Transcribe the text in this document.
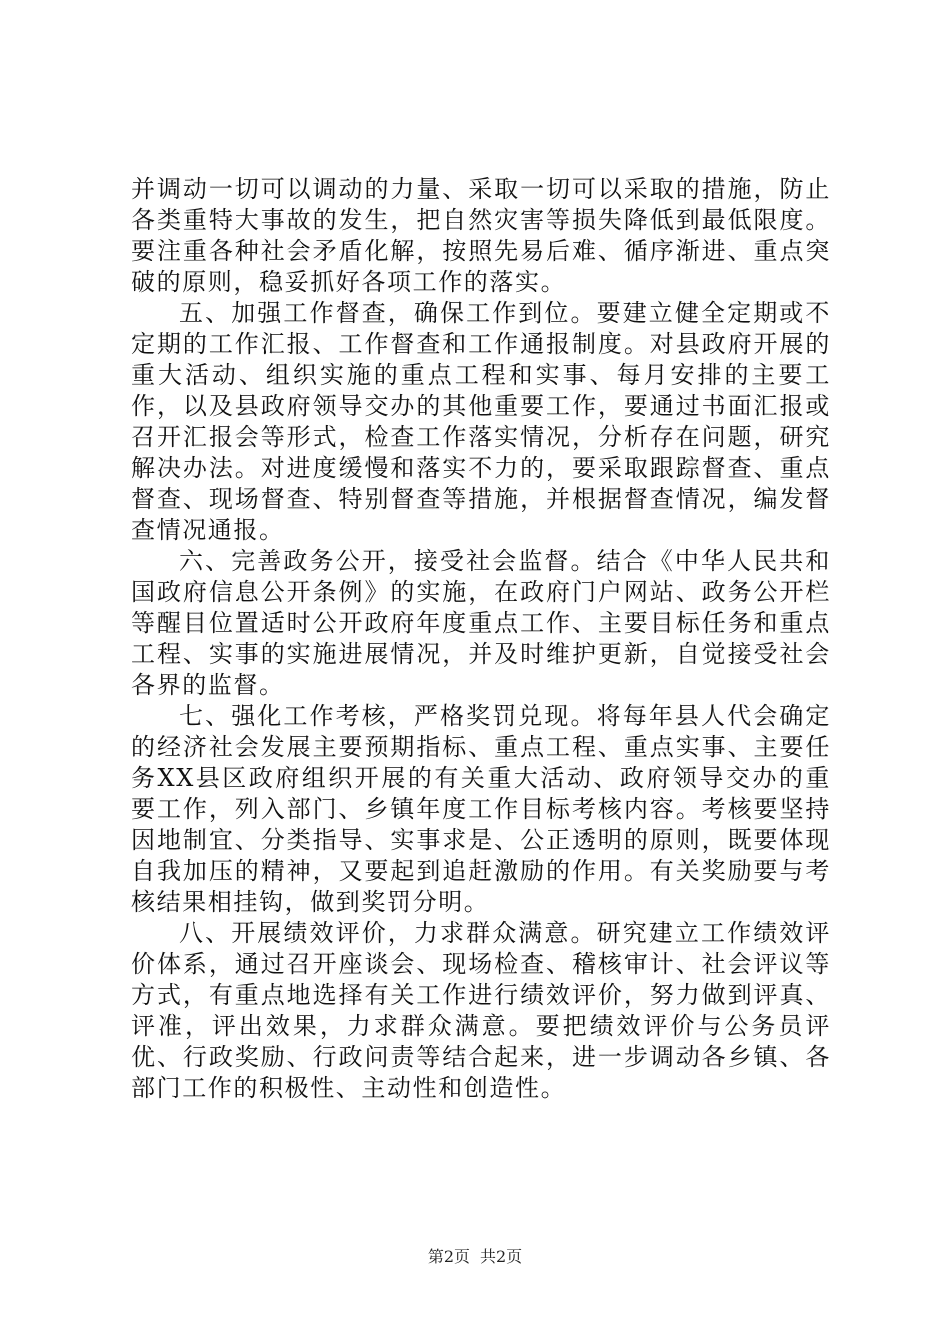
并调动一切可以调动的力量、采取一切可以采取的措施，防止各类重特大事故的发生，把自然灾害等损失降低到最低限度。要注重各种社会矛盾化解，按照先易后难、循序渐进、重点突破的原则，稳妥抓好各项工作的落实。

五、加强工作督查，确保工作到位。要建立健全定期或不定期的工作汇报、工作督查和工作通报制度。对县政府开展的重大活动、组织实施的重点工程和实事、每月安排的主要工作，以及县政府领导交办的其他重要工作，要通过书面汇报或召开汇报会等形式，检查工作落实情况，分析存在问题，研究解决办法。对进度缓慢和落实不力的，要采取跟踪督查、重点督查、现场督查、特别督查等措施，并根据督查情况，编发督查情况通报。

六、完善政务公开，接受社会监督。结合《中华人民共和国政府信息公开条例》的实施，在政府门户网站、政务公开栏等醒目位置适时公开政府年度重点工作、主要目标任务和重点工程、实事的实施进展情况，并及时维护更新，自觉接受社会各界的监督。

七、强化工作考核，严格奖罚兑现。将每年县人代会确定的经济社会发展主要预期指标、重点工程、重点实事、主要任务XX县区政府组织开展的有关重大活动、政府领导交办的重要工作，列入部门、乡镇年度工作目标考核内容。考核要坚持因地制宜、分类指导、实事求是、公正透明的原则，既要体现自我加压的精神，又要起到追赶激励的作用。有关奖励要与考核结果相挂钩，做到奖罚分明。

八、开展绩效评价，力求群众满意。研究建立工作绩效评价体系，通过召开座谈会、现场检查、稽核审计、社会评议等方式，有重点地选择有关工作进行绩效评价，努力做到评真、评准，评出效果，力求群众满意。要把绩效评价与公务员评优、行政奖励、行政问责等结合起来，进一步调动各乡镇、各部门工作的积极性、主动性和创造性。

第2页 共2页
